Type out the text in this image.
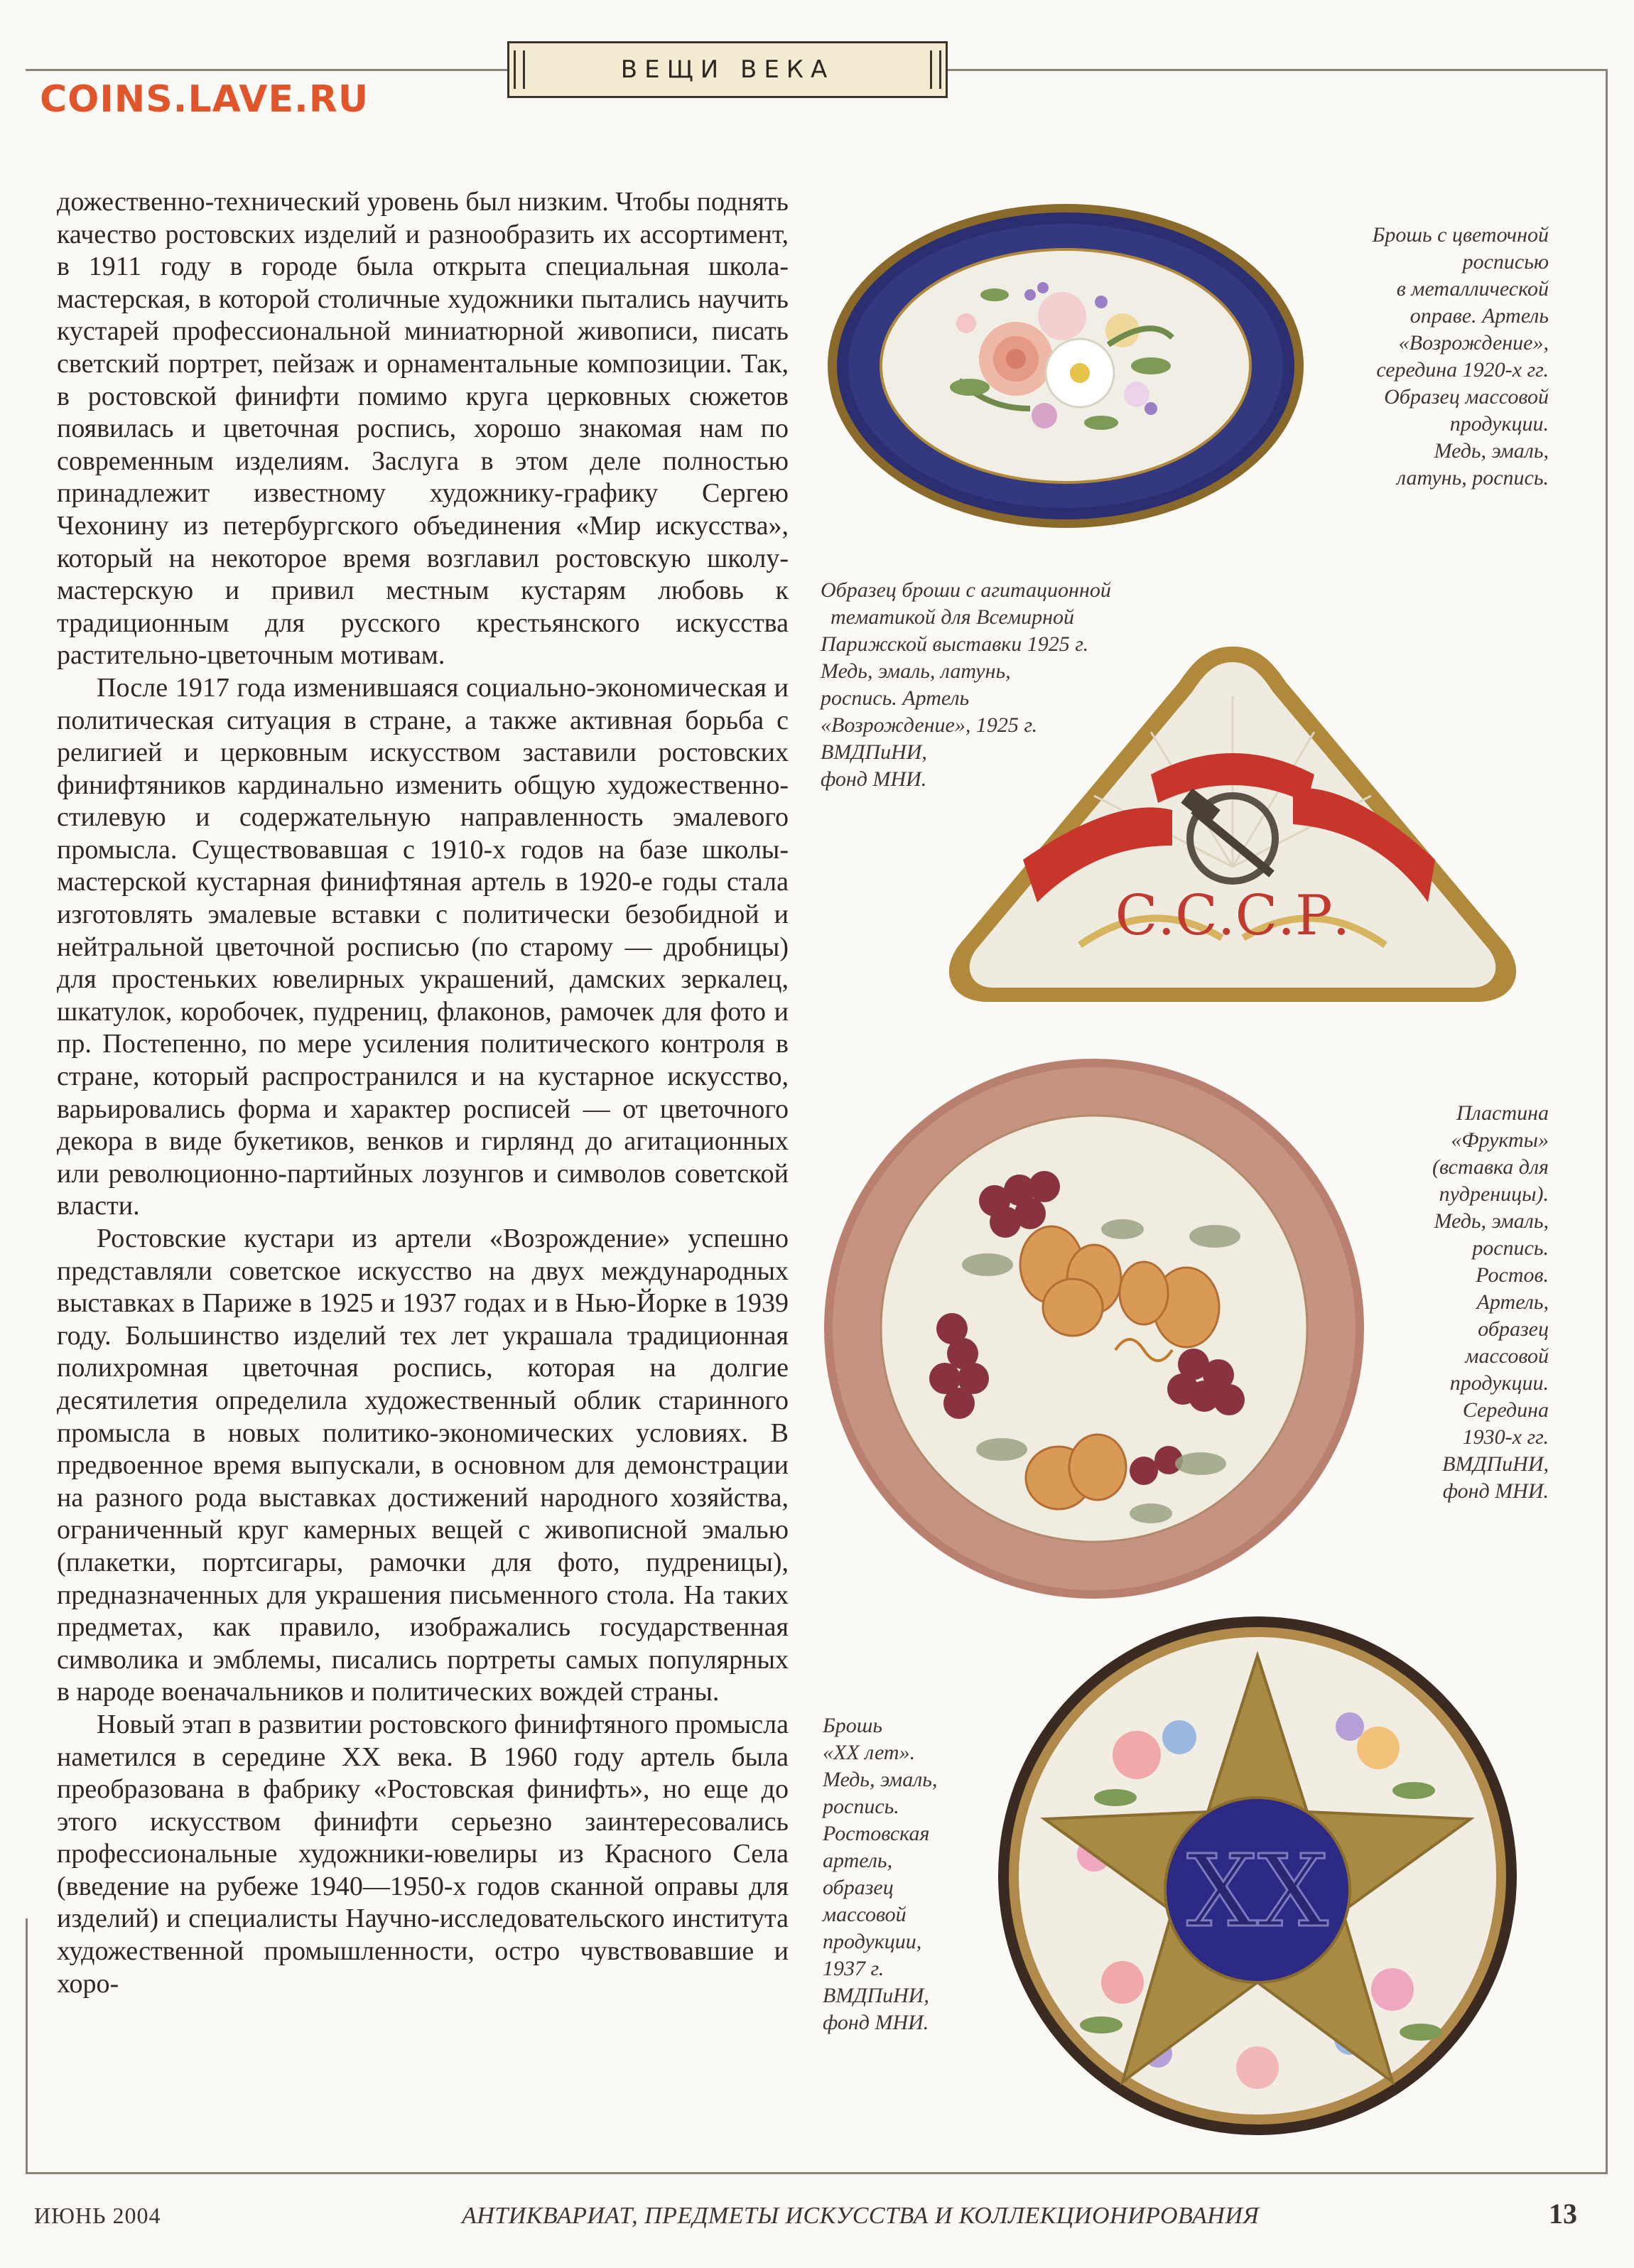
ВЕЩИ ВЕКА
COINS.LAVE.RU

дожественно-технический уровень был низким. Чтобы поднять качество ростовских изделий и разнообразить их ассортимент, в 1911 году в городе была открыта специальная школа-мастерская, в которой столичные художники пытались научить кустарей профессиональной миниатюрной живописи, писать светский портрет, пейзаж и орнаментальные композиции. Так, в ростовской финифти помимо круга церковных сюжетов появилась и цветочная роспись, хорошо знакомая нам по современным изделиям. Заслуга в этом деле полностью принадлежит известному художнику-графику Сергею Чехонину из петербургского объединения «Мир искусства», который на некоторое время возглавил ростовскую школу-мастерскую и привил местным кустарям любовь к традиционным для русского крестьянского искусства растительно-цветочным мотивам.

После 1917 года изменившаяся социально-экономическая и политическая ситуация в стране, а также активная борьба с религией и церковным искусством заставили ростовских финифтяников кардинально изменить общую художественно-стилевую и содержательную направленность эмалевого промысла. Существовавшая с 1910-х годов на базе школы-мастерской кустарная финифтяная артель в 1920-е годы стала изготовлять эмалевые вставки с политически безобидной и нейтральной цветочной росписью (по старому — дробницы) для простеньких ювелирных украшений, дамских зеркалец, шкатулок, коробочек, пудрениц, флаконов, рамочек для фото и пр. Постепенно, по мере усиления политического контроля в стране, который распространился и на кустарное искусство, варьировались форма и характер росписей — от цветочного декора в виде букетиков, венков и гирлянд до агитационных или революционно-партийных лозунгов и символов советской власти.

Ростовские кустари из артели «Возрождение» успешно представляли советское искусство на двух международных выставках в Париже в 1925 и 1937 годах и в Нью-Йорке в 1939 году. Большинство изделий тех лет украшала традиционная полихромная цветочная роспись, которая на долгие десятилетия определила художественный облик старинного промысла в новых политико-экономических условиях. В предвоенное время выпускали, в основном для демонстрации на разного рода выставках достижений народного хозяйства, ограниченный круг камерных вещей с живописной эмалью (плакетки, портсигары, рамочки для фото, пудреницы), предназначенных для украшения письменного стола. На таких предметах, как правило, изображались государственная символика и эмблемы, писались портреты самых популярных в народе военачальников и политических вождей страны.

Новый этап в развитии ростовского финифтяного промысла наметился в середине XX века. В 1960 году артель была преобразована в фабрику «Ростовская финифть», но еще до этого искусством финифти серьезно заинтересовались профессиональные художники-ювелиры из Красного Села (введение на рубеже 1940—1950-х годов сканной оправы для изделий) и специалисты Научно-исследовательского института художественной промышленности, остро чувствовавшие и хоро-

Брошь с цветочной
росписью
в металлической
оправе. Артель
«Возрождение»,
середина 1920-х гг.
Образец массовой
продукции.
Медь, эмаль,
латунь, роспись.
Образец броши с агитационной
тематикой для Всемирной
Парижской выставки 1925 г.
Медь, эмаль, латунь,
роспись. Артель
«Возрождение», 1925 г.
ВМДПиНИ,
фонд МНИ.
С.С.С.Р.
Пластина
«Фрукты»
(вставка для
пудреницы).
Медь, эмаль,
роспись.
Ростов.
Артель,
образец
массовой
продукции.
Середина
1930-х гг.
ВМДПиНИ,
фонд МНИ.
Брошь
«XX лет».
Медь, эмаль,
роспись.
Ростовская
артель,
образец
массовой
продукции,
1937 г.
ВМДПиНИ,
фонд МНИ.
XX
ИЮНЬ 2004	АНТИКВАРИАТ, ПРЕДМЕТЫ ИСКУССТВА И КОЛЛЕКЦИОНИРОВАНИЯ	13
